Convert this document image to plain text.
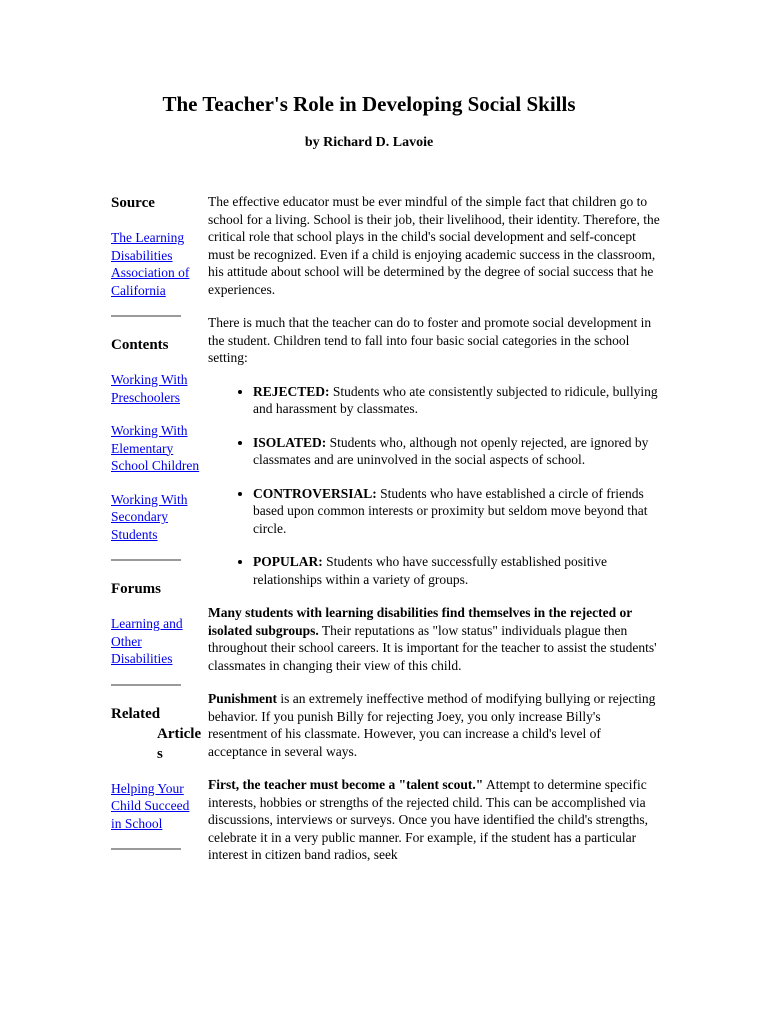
The Teacher's Role in Developing Social Skills
by Richard D. Lavoie
Source
The Learning Disabilities Association of California
Contents
Working With Preschoolers
Working With Elementary School Children
Working With Secondary Students
Forums
Learning and Other Disabilities
Related
Articles
Helping Your Child Succeed in School

The effective educator must be ever mindful of the simple fact that children go to school for a living. School is their job, their livelihood, their identity. Therefore, the critical role that school plays in the child's social development and self-concept must be recognized. Even if a child is enjoying academic success in the classroom, his attitude about school will be determined by the degree of social success that he experiences.

There is much that the teacher can do to foster and promote social development in the student. Children tend to fall into four basic social categories in the school setting:

• REJECTED: Students who ate consistently subjected to ridicule, bullying and harassment by classmates.
• ISOLATED: Students who, although not openly rejected, are ignored by classmates and are uninvolved in the social aspects of school.
• CONTROVERSIAL: Students who have established a circle of friends based upon common interests or proximity but seldom move beyond that circle.
• POPULAR: Students who have successfully established positive relationships within a variety of groups.

Many students with learning disabilities find themselves in the rejected or isolated subgroups. Their reputations as "low status" individuals plague then throughout their school careers. It is important for the teacher to assist the students' classmates in changing their view of this child.

Punishment is an extremely ineffective method of modifying bullying or rejecting behavior. If you punish Billy for rejecting Joey, you only increase Billy's resentment of his classmate. However, you can increase a child's level of acceptance in several ways.

First, the teacher must become a "talent scout." Attempt to determine specific interests, hobbies or strengths of the rejected child. This can be accomplished via discussions, interviews or surveys. Once you have identified the child's strengths, celebrate it in a very public manner. For example, if the student has a particular interest in citizen band radios, seek
